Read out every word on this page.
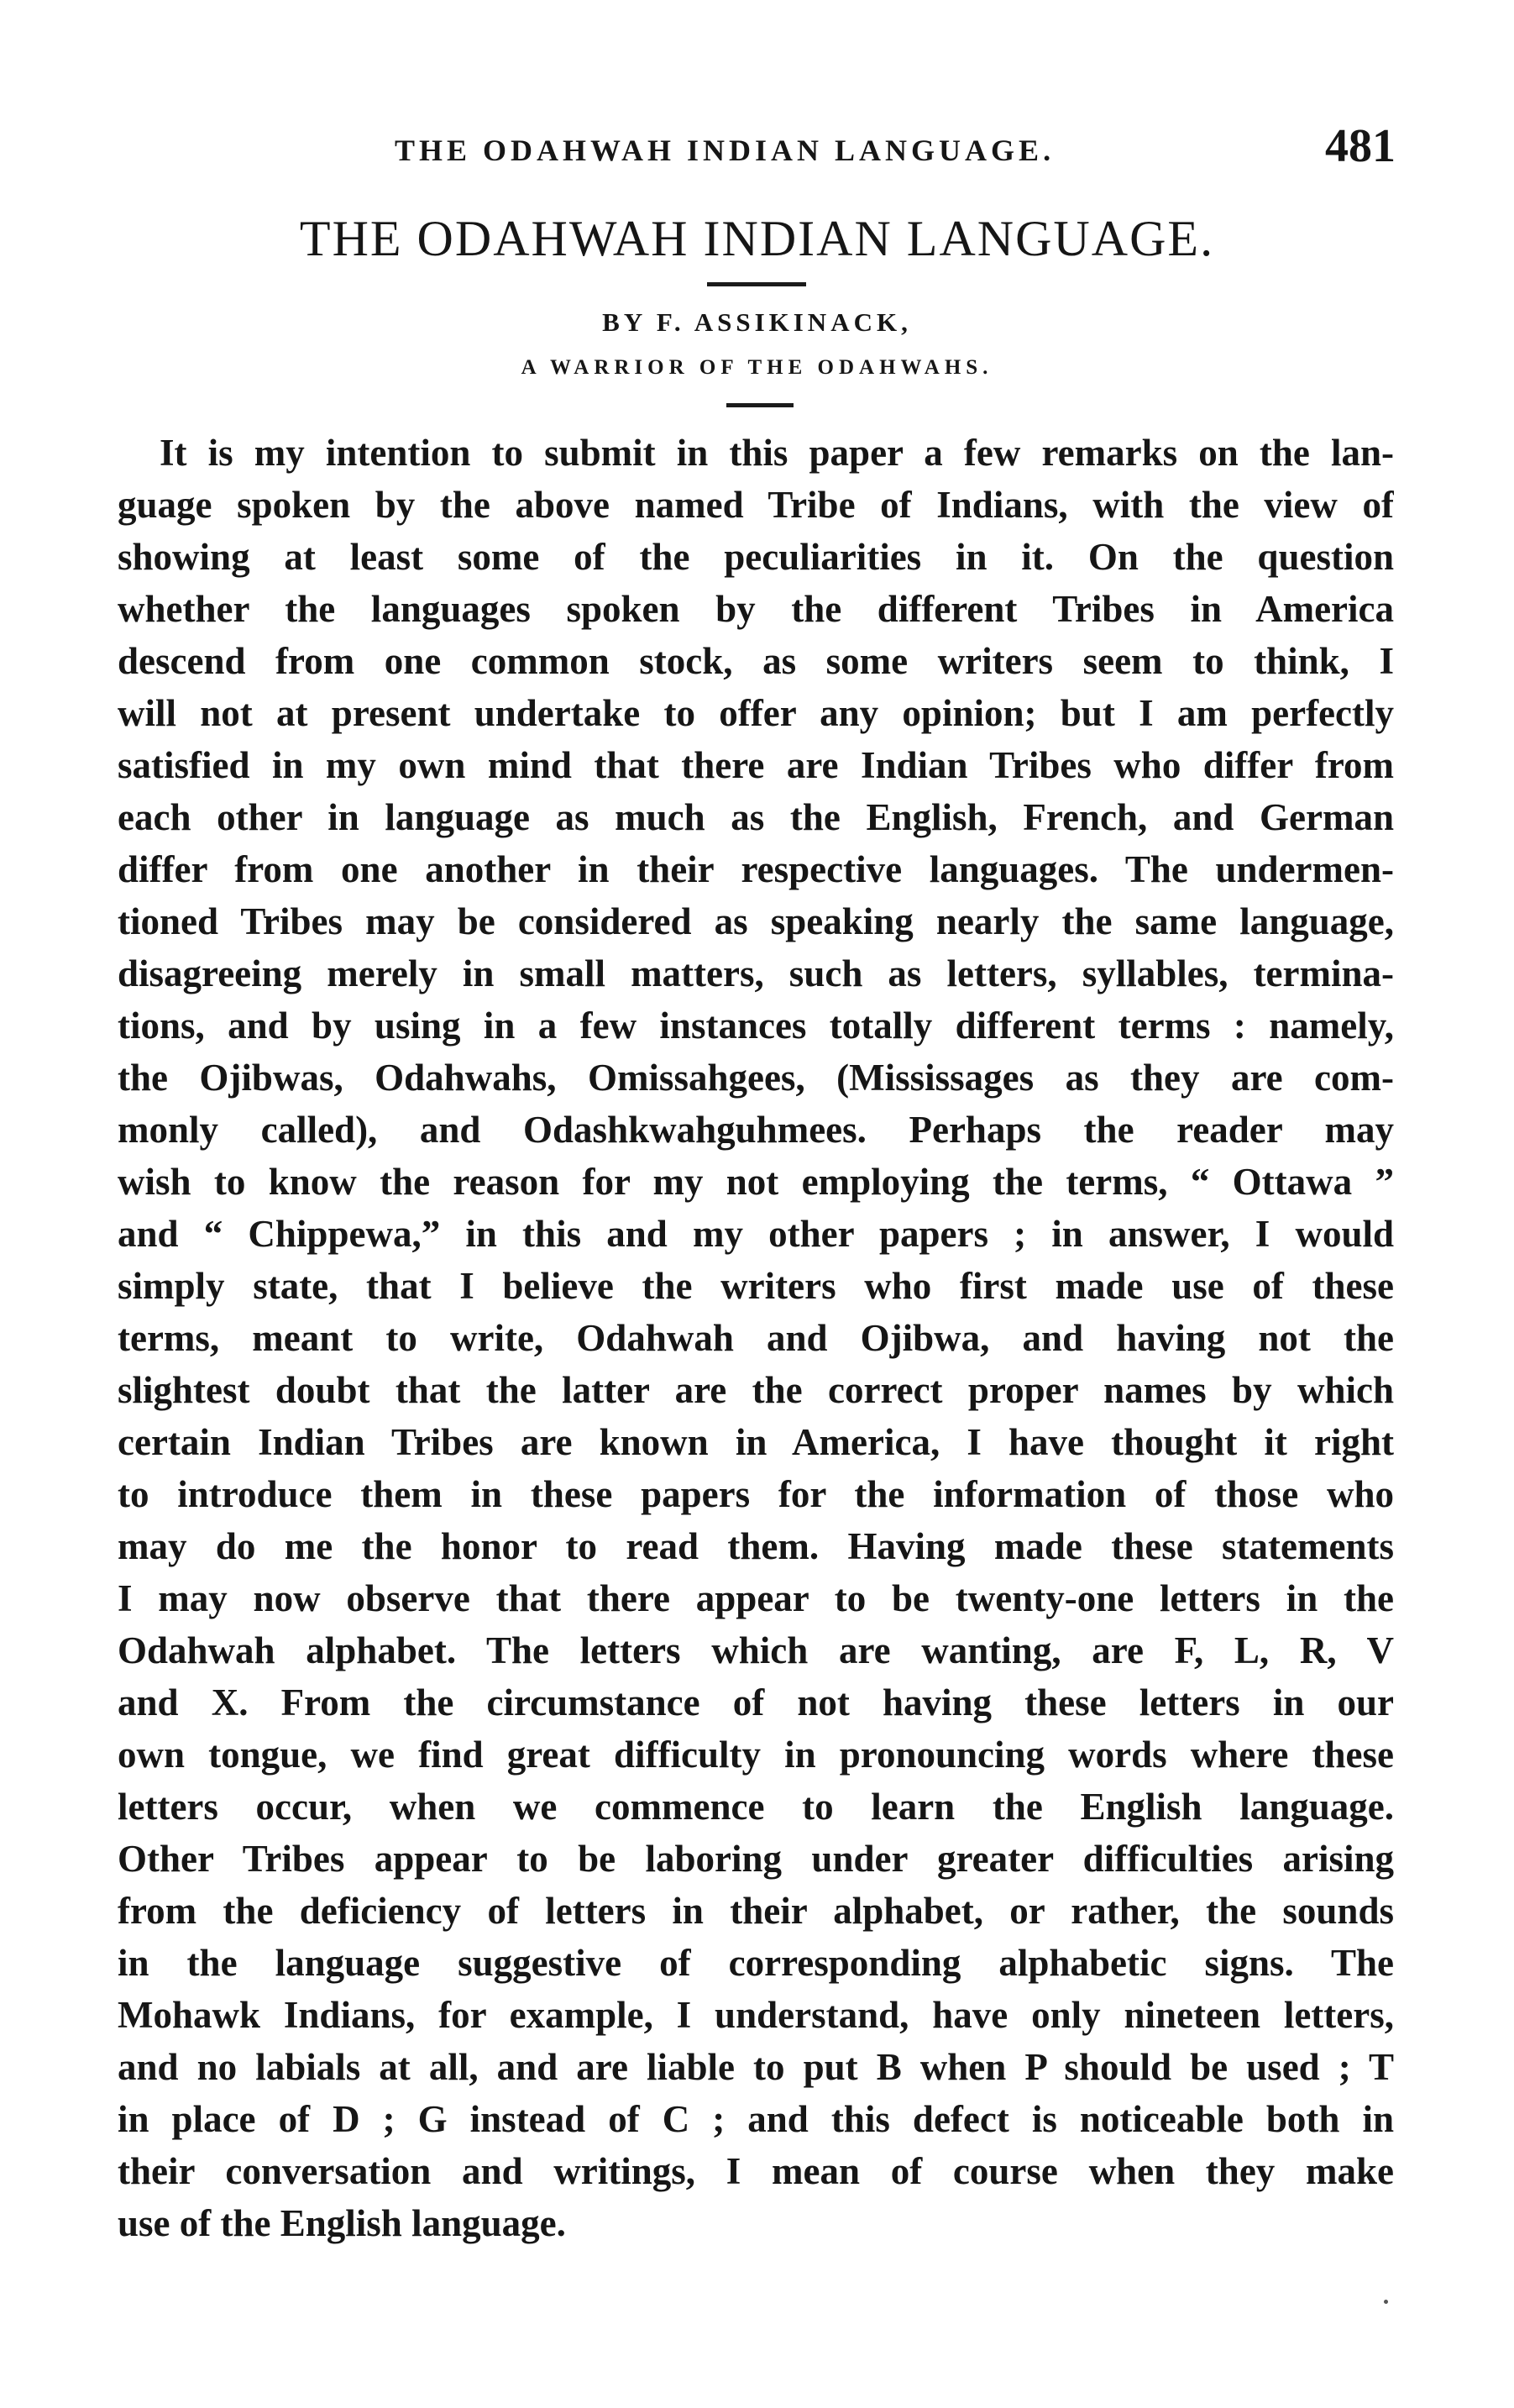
THE ODAHWAH INDIAN LANGUAGE.	481
THE ODAHWAH INDIAN LANGUAGE.
BY F. ASSIKINACK,
A WARRIOR OF THE ODAHWAHS.
It is my intention to submit in this paper a few remarks on the lan-
guage spoken by the above named Tribe of Indians, with the view of
showing at least some of the peculiarities in it. On the question
whether the languages spoken by the different Tribes in America
descend from one common stock, as some writers seem to think, I
will not at present undertake to offer any opinion; but I am perfectly
satisfied in my own mind that there are Indian Tribes who differ from
each other in language as much as the English, French, and German
differ from one another in their respective languages. The undermen-
tioned Tribes may be considered as speaking nearly the same language,
disagreeing merely in small matters, such as letters, syllables, termina-
tions, and by using in a few instances totally different terms : namely,
the Ojibwas, Odahwahs, Omissahgees, (Mississages as they are com-
monly called), and Odashkwahguhmees. Perhaps the reader may
wish to know the reason for my not employing the terms, “ Ottawa ”
and “ Chippewa,” in this and my other papers ; in answer, I would
simply state, that I believe the writers who first made use of these
terms, meant to write, Odahwah and Ojibwa, and having not the
slightest doubt that the latter are the correct proper names by which
certain Indian Tribes are known in America, I have thought it right
to introduce them in these papers for the information of those who
may do me the honor to read them. Having made these statements
I may now observe that there appear to be twenty-one letters in the
Odahwah alphabet. The letters which are wanting, are F, L, R, V
and X. From the circumstance of not having these letters in our
own tongue, we find great difficulty in pronouncing words where these
letters occur, when we commence to learn the English language.
Other Tribes appear to be laboring under greater difficulties arising
from the deficiency of letters in their alphabet, or rather, the sounds
in the language suggestive of corresponding alphabetic signs. The
Mohawk Indians, for example, I understand, have only nineteen letters,
and no labials at all, and are liable to put B when P should be used ; T
in place of D ; G instead of C ; and this defect is noticeable both in
their conversation and writings, I mean of course when they make
use of the English language.
